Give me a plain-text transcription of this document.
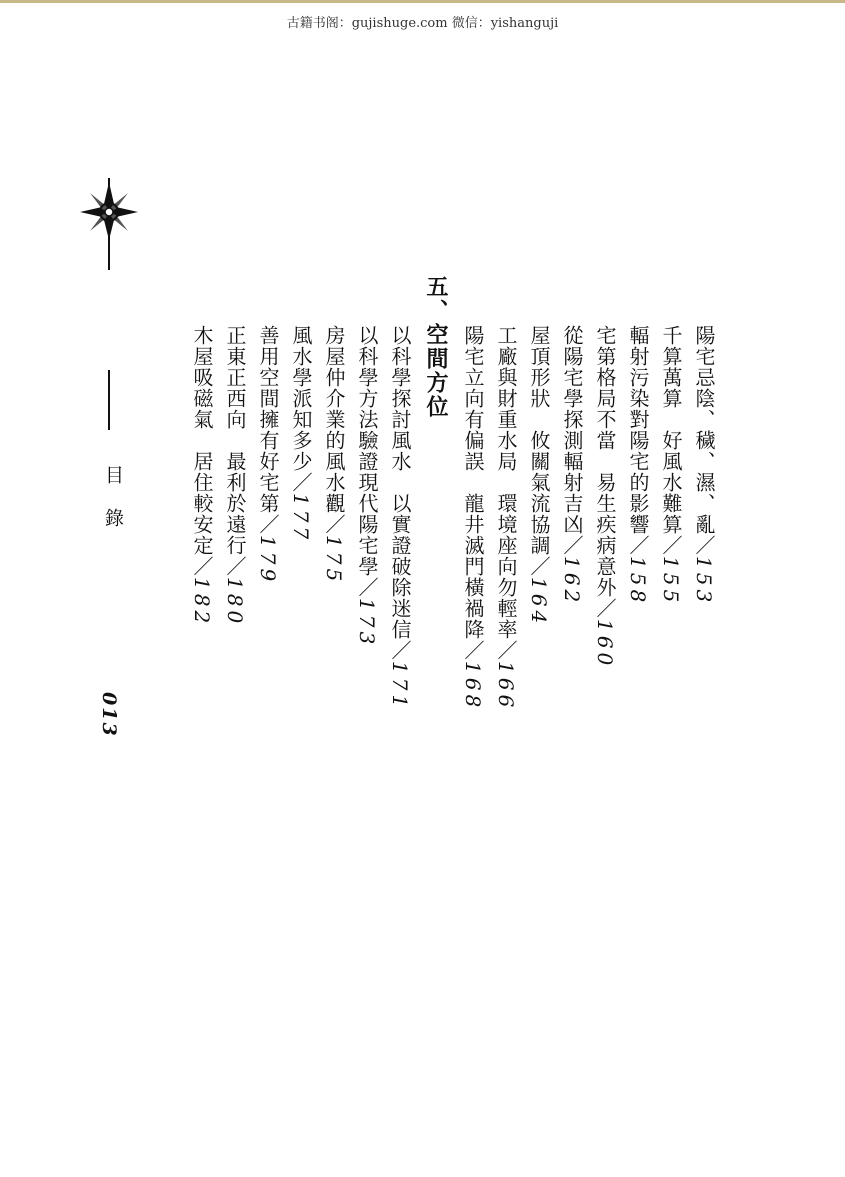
古籍书阁：gujishuge.com 微信：yishanguji
目錄
013
陽宅忌陰、穢、濕、亂／153
千算萬算　好風水難算／155
輻射污染對陽宅的影響／158
宅第格局不當　易生疾病意外／160
從陽宅學探測輻射吉凶／162
屋頂形狀　攸關氣流協調／164
工廠與財重水局　環境座向勿輕率／166
陽宅立向有偏誤　龍井滅門橫禍降／168
五、空間方位
以科學探討風水　以實證破除迷信／171
以科學方法驗證現代陽宅學／173
房屋仲介業的風水觀／175
風水學派知多少／177
善用空間擁有好宅第／179
正東正西向　最利於遠行／180
木屋吸磁氣　居住較安定／182
